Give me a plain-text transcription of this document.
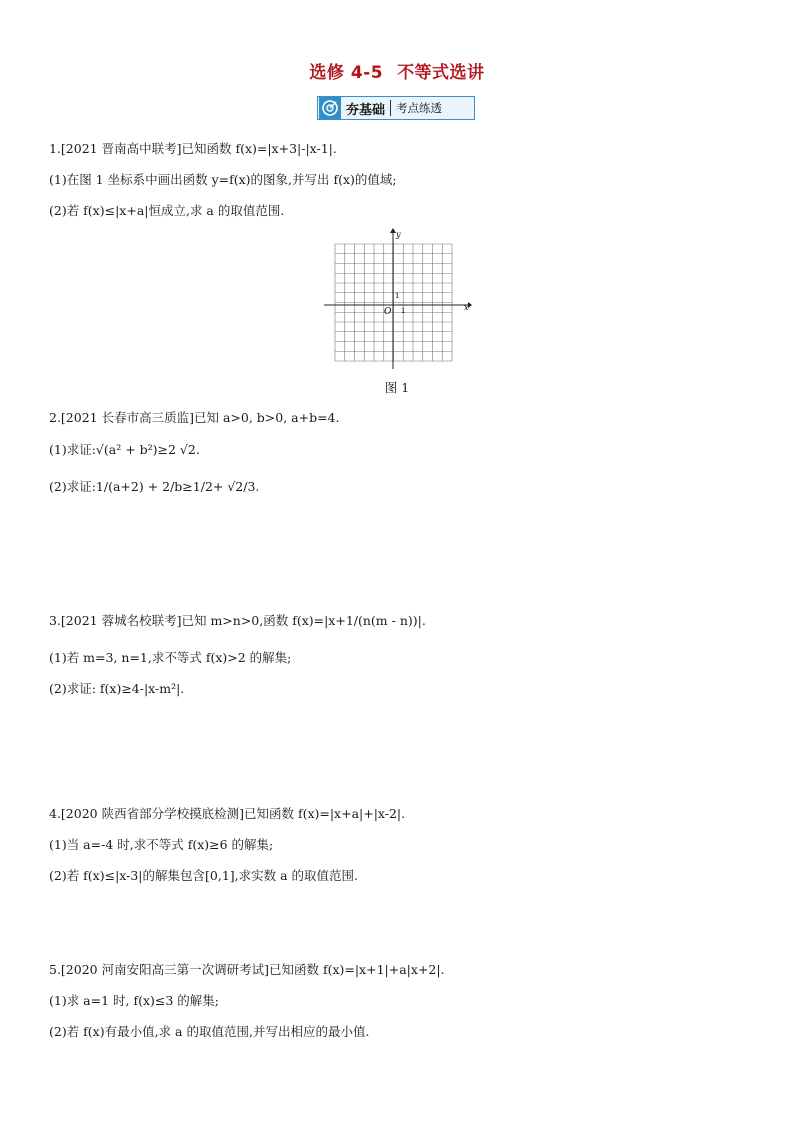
选修 4-5 不等式选讲
夯基础 考点练透
1.[2021 晋南高中联考]已知函数 f(x)=|x+3|-|x-1|.
(1)在图 1 坐标系中画出函数 y=f(x)的图象,并写出 f(x)的值域;
(2)若 f(x)≤|x+a|恒成立,求 a 的取值范围.
x
y
O 1
1
图 1
2.[2021 长春市高三质监]已知 a>0, b>0, a+b=4.
(1)求证:√(a² + b²)≥2 √2.
(2)求证:1/(a+2) + 2/b≥1/2+ √2/3.
3.[2021 蓉城名校联考]已知 m>n>0,函数 f(x)=|x+1/(n(m - n))|.
(1)若 m=3, n=1,求不等式 f(x)>2 的解集;
(2)求证: f(x)≥4-|x-m²|.
4.[2020 陕西省部分学校摸底检测]已知函数 f(x)=|x+a|+|x-2|.
(1)当 a=-4 时,求不等式 f(x)≥6 的解集;
(2)若 f(x)≤|x-3|的解集包含[0,1],求实数 a 的取值范围.
5.[2020 河南安阳高三第一次调研考试]已知函数 f(x)=|x+1|+a|x+2|.
(1)求 a=1 时, f(x)≤3 的解集;
(2)若 f(x)有最小值,求 a 的取值范围,并写出相应的最小值.
